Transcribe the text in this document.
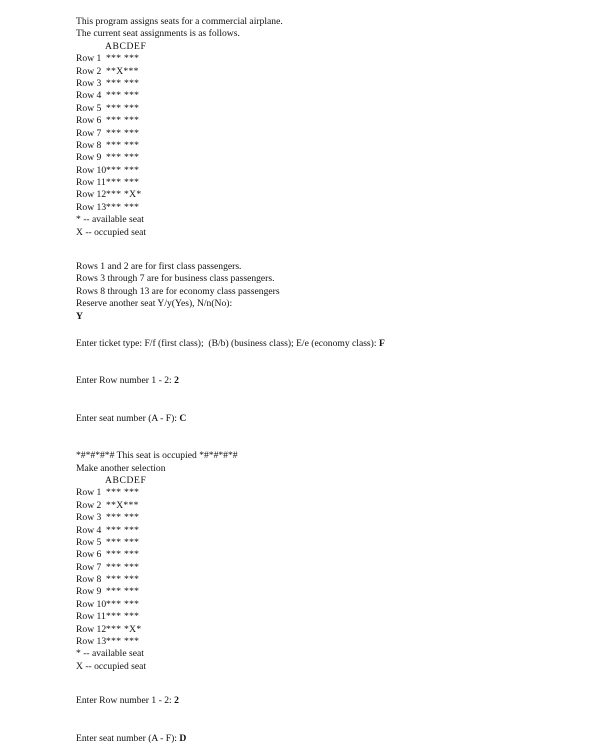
This program assigns seats for a commercial airplane.
The current seat assignments is as follows.
ABCDEF
Row 1 *** ***
Row 2 **X***
Row 3 *** ***
Row 4 *** ***
Row 5 *** ***
Row 6 *** ***
Row 7 *** ***
Row 8 *** ***
Row 9 *** ***
Row 10 *** ***
Row 11 *** ***
Row 12 *** *X*
Row 13 *** ***
* -- available seat
X -- occupied seat
Rows 1 and 2 are for first class passengers.
Rows 3 through 7 are for business class passengers.
Rows 8 through 13 are for economy class passengers
Reserve another seat Y/y(Yes), N/n(No):
Y
Enter ticket type: F/f (first class);  (B/b) (business class); E/e (economy class): F
Enter Row number 1 - 2: 2
Enter seat number (A - F): C
*#*#*#*# This seat is occupied *#*#*#*#
Make another selection
ABCDEF
Row 1 *** ***
Row 2 **X***
Row 3 *** ***
Row 4 *** ***
Row 5 *** ***
Row 6 *** ***
Row 7 *** ***
Row 8 *** ***
Row 9 *** ***
Row 10 *** ***
Row 11 *** ***
Row 12 *** *X*
Row 13 *** ***
* -- available seat
X -- occupied seat
Enter Row number 1 - 2: 2
Enter seat number (A - F): D
